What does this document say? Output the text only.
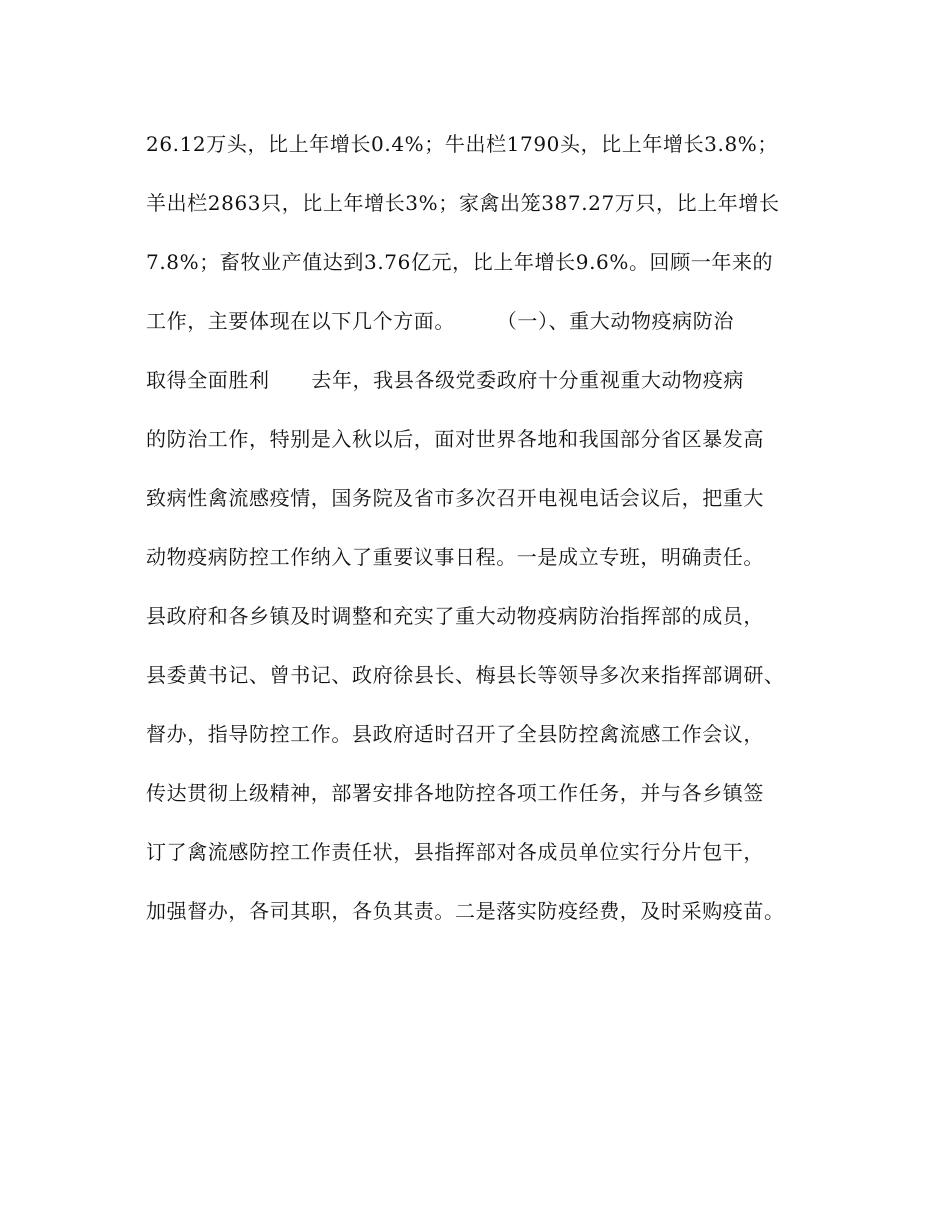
26.12万头，比上年增长0.4%；牛出栏1790头，比上年增长3.8%；
羊出栏2863只，比上年增长3%；家禽出笼387.27万只，比上年增长
7.8%；畜牧业产值达到3.76亿元，比上年增长9.6%。回顾一年来的
工作，主要体现在以下几个方面。      （一）、重大动物疫病防治
取得全面胜利      去年，我县各级党委政府十分重视重大动物疫病
的防治工作，特别是入秋以后，面对世界各地和我国部分省区暴发高
致病性禽流感疫情，国务院及省市多次召开电视电话会议后，把重大
动物疫病防控工作纳入了重要议事日程。一是成立专班，明确责任。
县政府和各乡镇及时调整和充实了重大动物疫病防治指挥部的成员，
县委黄书记、曾书记、政府徐县长、梅县长等领导多次来指挥部调研、
督办，指导防控工作。县政府适时召开了全县防控禽流感工作会议，
传达贯彻上级精神，部署安排各地防控各项工作任务，并与各乡镇签
订了禽流感防控工作责任状，县指挥部对各成员单位实行分片包干，
加强督办，各司其职，各负其责。二是落实防疫经费，及时采购疫苗。
